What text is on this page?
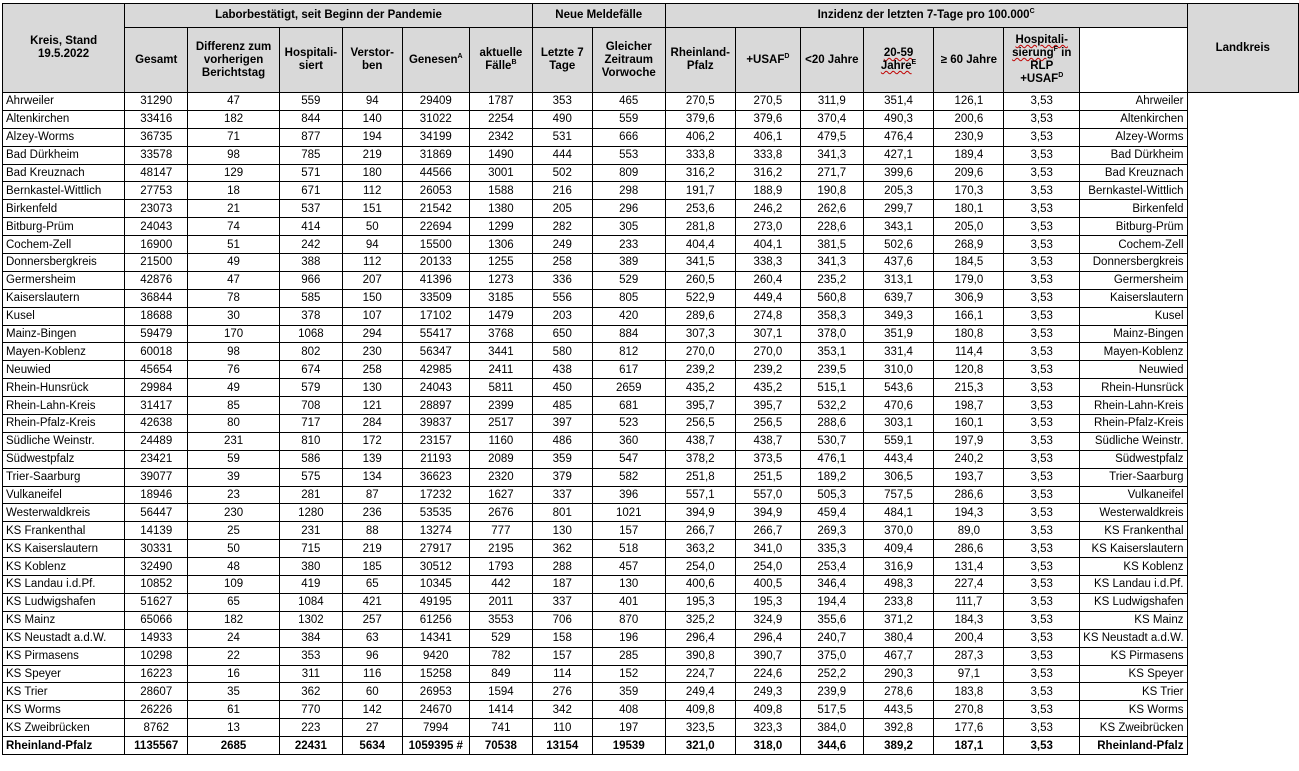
Kreis, Stand
19.5.2022	Laborbestätigt, seit Beginn der Pandemie						Neue Meldefälle		Inzidenz der letzten 7-Tage pro $100.000^C$							Landkreis
	Gesamt	Differenz zum vorherigen Berichtstag	Hospitali-siert	Verstor-ben	Genesen$^A$	aktuelle Fälle$^B$	Letzte 7 Tage	Gleicher Zeitraum Vorwoche	Rheinland-Pfalz	$+USAF^D$	<20 Jahre	20-59 Jahre$^E$	≥ 60 Jahre	Hospitali-sierung$^F$ in RLP $+USAF^D$
Ahrweiler	31290	47	559	94	29409	1787	353	465	270,5	270,5	311,9	351,4	126,1	3,53	Ahrweiler	
Altenkirchen	33416	182	844	140	31022	2254	490	559	379,6	379,6	370,4	490,3	200,6	3,53	Altenkirchen	
Alzey-Worms	36735	71	877	194	34199	2342	531	666	406,2	406,1	479,5	476,4	230,9	3,53	Alzey-Worms	
Bad Dürkheim	33578	98	785	219	31869	1490	444	553	333,8	333,8	341,3	427,1	189,4	3,53	Bad Dürkheim	
Bad Kreuznach	48147	129	571	180	44566	3001	502	809	316,2	316,2	271,7	399,6	209,6	3,53	Bad Kreuznach	
Bernkastel-Wittlich	27753	18	671	112	26053	1588	216	298	191,7	188,9	190,8	205,3	170,3	3,53	Bernkastel-Wittlich	
Birkenfeld	23073	21	537	151	21542	1380	205	296	253,6	246,2	262,6	299,7	180,1	3,53	Birkenfeld	
Bitburg-Prüm	24043	74	414	50	22694	1299	282	305	281,8	273,0	228,6	343,1	205,0	3,53	Bitburg-Prüm	
Cochem-Zell	16900	51	242	94	15500	1306	249	233	404,4	404,1	381,5	502,6	268,9	3,53	Cochem-Zell	
Donnersbergkreis	21500	49	388	112	20133	1255	258	389	341,5	338,3	341,3	437,6	184,5	3,53	Donnersbergkreis	
Germersheim	42876	47	966	207	41396	1273	336	529	260,5	260,4	235,2	313,1	179,0	3,53	Germersheim	
Kaiserslautern	36844	78	585	150	33509	3185	556	805	522,9	449,4	560,8	639,7	306,9	3,53	Kaiserslautern	
Kusel	18688	30	378	107	17102	1479	203	420	289,6	274,8	358,3	349,3	166,1	3,53	Kusel	
Mainz-Bingen	59479	170	1068	294	55417	3768	650	884	307,3	307,1	378,0	351,9	180,8	3,53	Mainz-Bingen	
Mayen-Koblenz	60018	98	802	230	56347	3441	580	812	270,0	270,0	353,1	331,4	114,4	3,53	Mayen-Koblenz	
Neuwied	45654	76	674	258	42985	2411	438	617	239,2	239,2	239,5	310,0	120,8	3,53	Neuwied	
Rhein-Hunsrück	29984	49	579	130	24043	5811	450	2659	435,2	435,2	515,1	543,6	215,3	3,53	Rhein-Hunsrück	
Rhein-Lahn-Kreis	31417	85	708	121	28897	2399	485	681	395,7	395,7	532,2	470,6	198,7	3,53	Rhein-Lahn-Kreis	
Rhein-Pfalz-Kreis	42638	80	717	284	39837	2517	397	523	256,5	256,5	288,6	303,1	160,1	3,53	Rhein-Pfalz-Kreis	
Südliche Weinstr.	24489	231	810	172	23157	1160	486	360	438,7	438,7	530,7	559,1	197,9	3,53	Südliche Weinstr.	
Südwestpfalz	23421	59	586	139	21193	2089	359	547	378,2	373,5	476,1	443,4	240,2	3,53	Südwestpfalz	
Trier-Saarburg	39077	39	575	134	36623	2320	379	582	251,8	251,5	189,2	306,5	193,7	3,53	Trier-Saarburg	
Vulkaneifel	18946	23	281	87	17232	1627	337	396	557,1	557,0	505,3	757,5	286,6	3,53	Vulkaneifel	
Westerwaldkreis	56447	230	1280	236	53535	2676	801	1021	394,9	394,9	459,4	484,1	194,3	3,53	Westerwaldkreis	
KS Frankenthal	14139	25	231	88	13274	777	130	157	266,7	266,7	269,3	370,0	89,0	3,53	KS Frankenthal	
KS Kaiserslautern	30331	50	715	219	27917	2195	362	518	363,2	341,0	335,3	409,4	286,6	3,53	KS Kaiserslautern	
KS Koblenz	32490	48	380	185	30512	1793	288	457	254,0	254,0	253,4	316,9	131,4	3,53	KS Koblenz	
KS Landau i.d.Pf.	10852	109	419	65	10345	442	187	130	400,6	400,5	346,4	498,3	227,4	3,53	KS Landau i.d.Pf.	
KS Ludwigshafen	51627	65	1084	421	49195	2011	337	401	195,3	195,3	194,4	233,8	111,7	3,53	KS Ludwigshafen	
KS Mainz	65066	182	1302	257	61256	3553	706	870	325,2	324,9	355,6	371,2	184,3	3,53	KS Mainz	
KS Neustadt a.d.W.	14933	24	384	63	14341	529	158	196	296,4	296,4	240,7	380,4	200,4	3,53	KS Neustadt a.d.W.	
KS Pirmasens	10298	22	353	96	9420	782	157	285	390,8	390,7	375,0	467,7	287,3	3,53	KS Pirmasens	
KS Speyer	16223	16	311	116	15258	849	114	152	224,7	224,6	252,2	290,3	97,1	3,53	KS Speyer	
KS Trier	28607	35	362	60	26953	1594	276	359	249,4	249,3	239,9	278,6	183,8	3,53	KS Trier	
KS Worms	26226	61	770	142	24670	1414	342	408	409,8	409,8	517,5	443,5	270,8	3,53	KS Worms	
KS Zweibrücken	8762	13	223	27	7994	741	110	197	323,5	323,3	384,0	392,8	177,6	3,53	KS Zweibrücken	
Rheinland-Pfalz	1135567	2685	22431	5634	1059395 #	70538	13154	19539	321,0	318,0	344,6	389,2	187,1	3,53	Rheinland-Pfalz	
